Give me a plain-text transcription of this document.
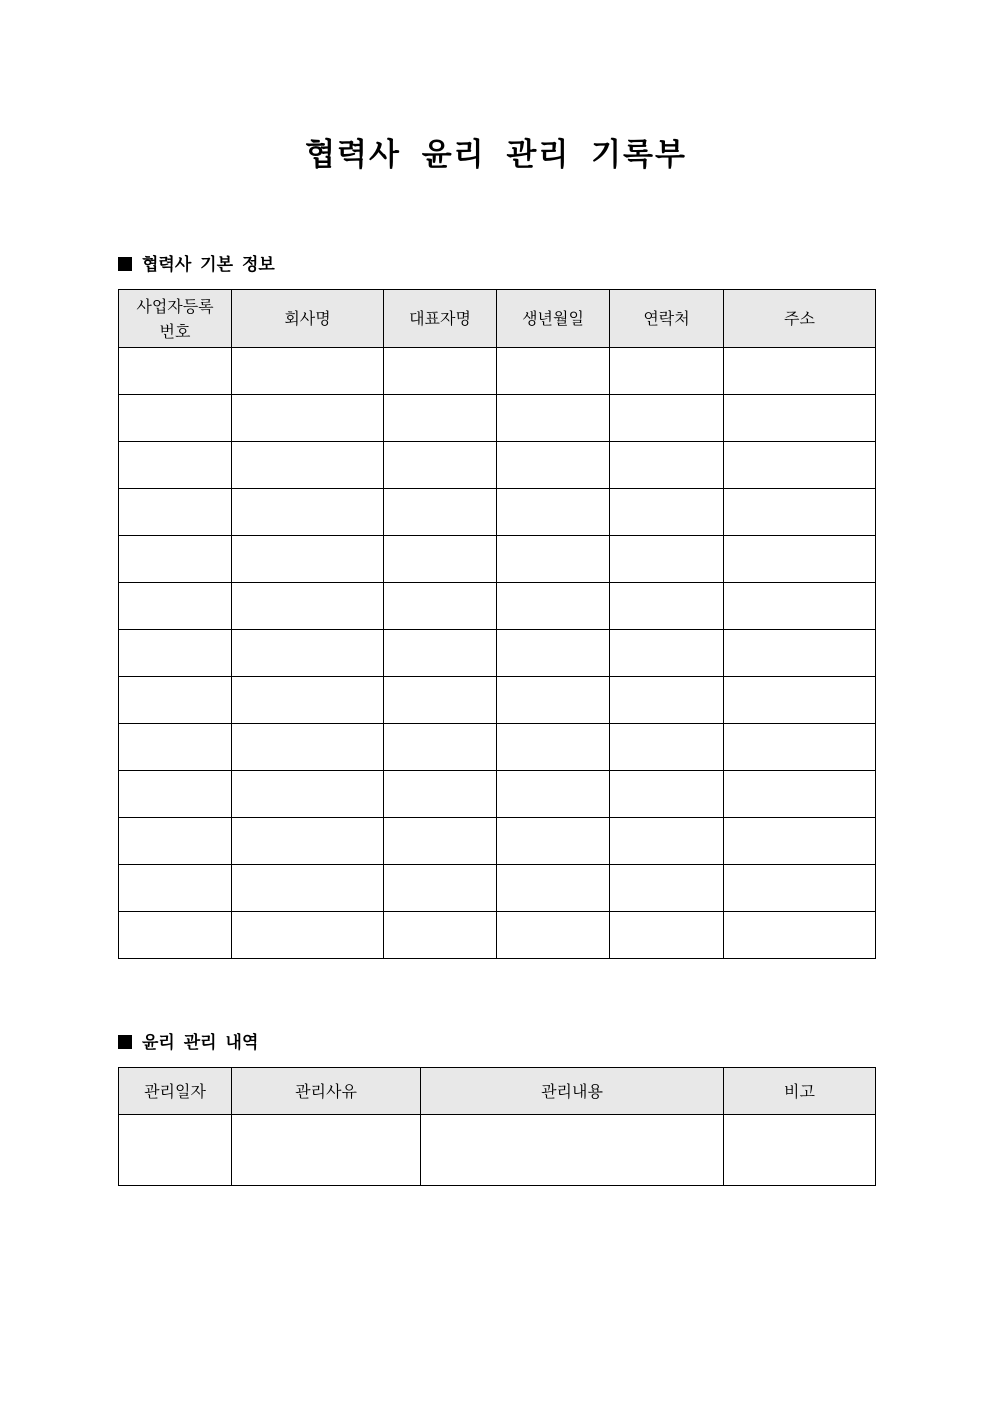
협력사 윤리 관리 기록부
협력사 기본 정보
사업자등록
번호	회사명	대표자명	생년월일	연락처	주소

윤리 관리 내역
관리일자	관리사유	관리내용	비고
